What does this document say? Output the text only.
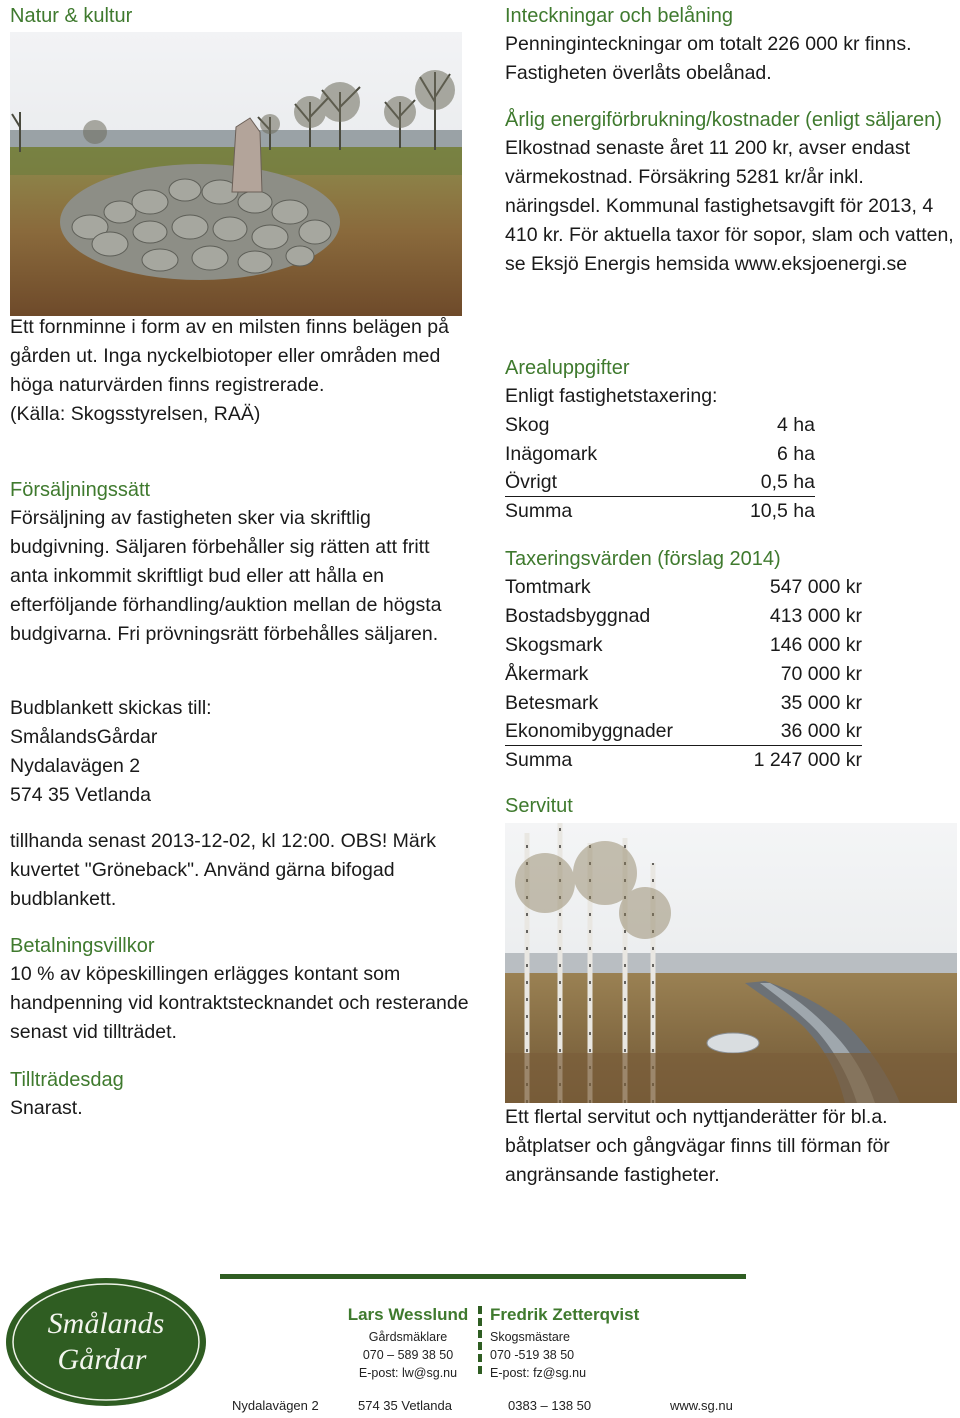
Natur & kultur

Ett fornminne i form av en milsten finns belägen på gården ut. Inga nyckelbiotoper eller områden med höga naturvärden finns registrerade.

(Källa: Skogsstyrelsen, RAÄ)

Försäljningssätt

Försäljning av fastigheten sker via skriftlig budgivning. Säljaren förbehåller sig rätten att fritt anta inkommit skriftligt bud eller att hålla en efterföljande förhandling/auktion mellan de högsta budgivarna. Fri prövningsrätt förbehålles säljaren.

Budblankett skickas till:

SmålandsGårdar

Nydalavägen 2

574 35 Vetlanda

tillhanda senast 2013-12-02, kl 12:00. OBS! Märk kuvertet "Gröneback". Använd gärna bifogad budblankett.

Betalningsvillkor

10 % av köpeskillingen erlägges kontant som handpenning vid kontraktstecknandet och resterande senast vid tillträdet.

Tillträdesdag

Snarast.

Inteckningar och belåning

Penninginteckningar om totalt 226 000 kr finns. Fastigheten överlåts obelånad.

Årlig energiförbrukning/kostnader (enligt säljaren)

Elkostnad senaste året 11 200 kr, avser endast värmekostnad. Försäkring 5281 kr/år inkl. näringsdel. Kommunal fastighetsavgift för 2013, 4 410 kr. För aktuella taxor för sopor, slam och vatten, se Eksjö Energis hemsida www.eksjoenergi.se

Arealuppgifter

Enligt fastighetstaxering:

Skog	4 ha
Inägomark	6 ha
Övrigt	0,5 ha
Summa	10,5 ha
Taxeringsvärden (förslag 2014)
Tomtmark	547 000 kr
Bostadsbyggnad	413 000 kr
Skogsmark	146 000 kr
Åkermark	70 000 kr
Betesmark	35 000 kr
Ekonomibyggnader	36 000 kr
Summa	1 247 000 kr
Servitut

Ett flertal servitut och nyttjanderätter för bl.a. båtplatser och gångvägar finns till förman för angränsande fastigheter.

Smålands
Gårdar
Lars Wesslund
Gårdsmäklare
070 – 589 38 50
E-post: lw@sg.nu
Fredrik Zetterqvist
Skogsmästare
070 -519 38 50
E-post: fz@sg.nu
Nydalavägen 2	574 35 Vetlanda	0383 – 138 50	www.sg.nu
